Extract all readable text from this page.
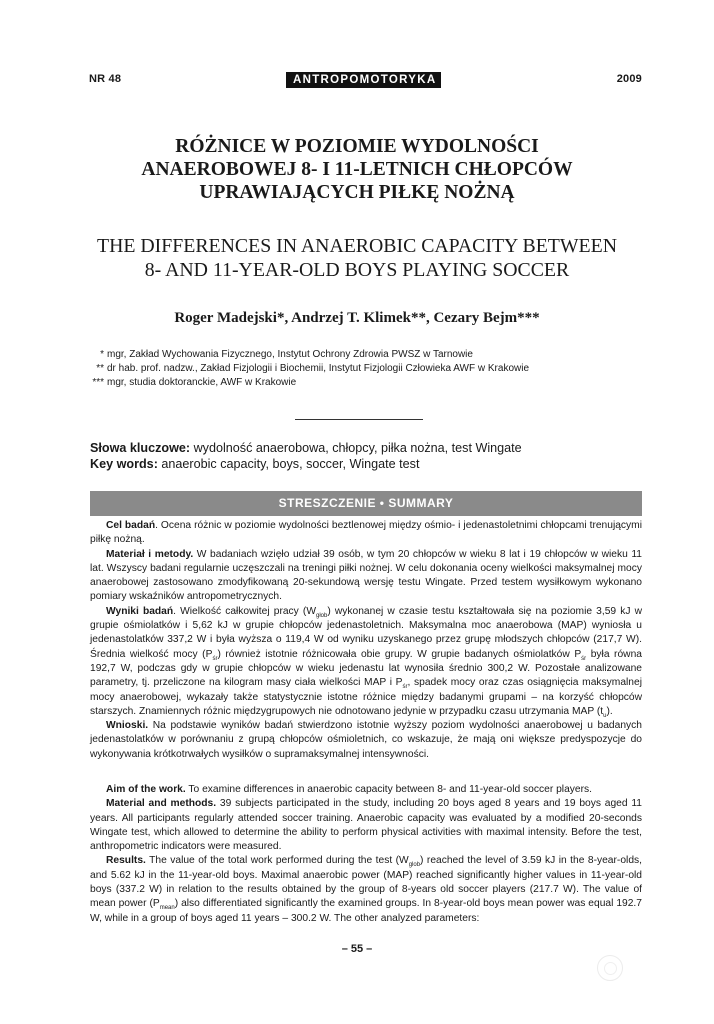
NR 48	ANTROPOMOTORYKA	2009
RÓŻNICE W POZIOMIE WYDOLNOŚCI
ANAEROBOWEJ 8- I 11-LETNICH CHŁOPCÓW
UPRAWIAJĄCYCH PIŁKĘ NOŻNĄ
THE DIFFERENCES IN ANAEROBIC CAPACITY BETWEEN
8- AND 11-YEAR-OLD BOYS PLAYING SOCCER
Roger Madejski*, Andrzej T. Klimek**, Cezary Bejm***
* mgr, Zakład Wychowania Fizycznego, Instytut Ochrony Zdrowia PWSZ w Tarnowie
** dr hab. prof. nadzw., Zakład Fizjologii i Biochemii, Instytut Fizjologii Człowieka AWF w Krakowie
*** mgr, studia doktoranckie, AWF w Krakowie
Słowa kluczowe: wydolność anaerobowa, chłopcy, piłka nożna, test Wingate
Key words: anaerobic capacity, boys, soccer, Wingate test
STRESZCZENIE • SUMMARY

Cel badań. Ocena różnic w poziomie wydolności beztlenowej między ośmio- i jedenastoletnimi chłopcami trenującymi piłkę nożną.

Materiał i metody. W badaniach wzięło udział 39 osób, w tym 20 chłopców w wieku 8 lat i 19 chłopców w wieku 11 lat. Wszyscy badani regularnie uczęszczali na treningi piłki nożnej. W celu dokonania oceny wielkości maksymalnej mocy anaerobowej zastosowano zmodyfikowaną 20-sekundową wersję testu Wingate. Przed testem wysiłkowym wykonano pomiary wskaźników antropometrycznych.

Wyniki badań. Wielkość całkowitej pracy $(W_{głob})$ wykonanej w czasie testu kształtowała się na poziomie 3,59 kJ w grupie ośmiolatków i 5,62 kJ w grupie chłopców jedenastoletnich. Maksymalna moc anaerobowa (MAP) wyniosła u jedenastolatków 337,2 W i była wyższa o 119,4 W od wyniku uzyskanego przez grupę młodszych chłopców (217,7 W). Średnia wielkość mocy $(P_{śr})$ również istotnie różnicowała obie grupy. W grupie badanych ośmiolatków $P_{śr}$ była równa 192,7 W, podczas gdy w grupie chłopców w wieku jedenastu lat wynosiła średnio 300,2 W. Pozostałe analizowane parametry, tj. przeliczone na kilogram masy ciała wielkości MAP i $P_{śr}$, spadek mocy oraz czas osiągnięcia maksymalnej mocy anaerobowej, wykazały także statystycznie istotne różnice między badanymi grupami – na korzyść chłopców starszych. Znamiennych różnic międzygrupowych nie odnotowano jedynie w przypadku czasu utrzymania MAP $(t_u)$.

Wnioski. Na podstawie wyników badań stwierdzono istotnie wyższy poziom wydolności anaerobowej u badanych jedenastolatków w porównaniu z grupą chłopców ośmioletnich, co wskazuje, że mają oni większe predyspozycje do wykonywania krótkotrwałych wysiłków o supramaksymalnej intensywności.

Aim of the work. To examine differences in anaerobic capacity between 8- and 11-year-old soccer players.

Material and methods. 39 subjects participated in the study, including 20 boys aged 8 years and 19 boys aged 11 years. All participants regularly attended soccer training. Anaerobic capacity was evaluated by a modified 20-seconds Wingate test, which allowed to determine the ability to perform physical activities with maximal intensity. Before the test, anthropometric indicators were measured.

Results. The value of the total work performed during the test $(W_{glob})$ reached the level of 3.59 kJ in the 8-year-olds, and 5.62 kJ in the 11-year-old boys. Maximal anaerobic power (MAP) reached significantly higher values in 11-year-old boys (337.2 W) in relation to the results obtained by the group of 8-years old soccer players (217.7 W). The value of mean power $(P_{mean})$ also differentiated significantly the examined groups. In 8-year-old boys mean power was equal 192.7 W, while in a group of boys aged 11 years – 300.2 W. The other analyzed parameters:

– 55 –
